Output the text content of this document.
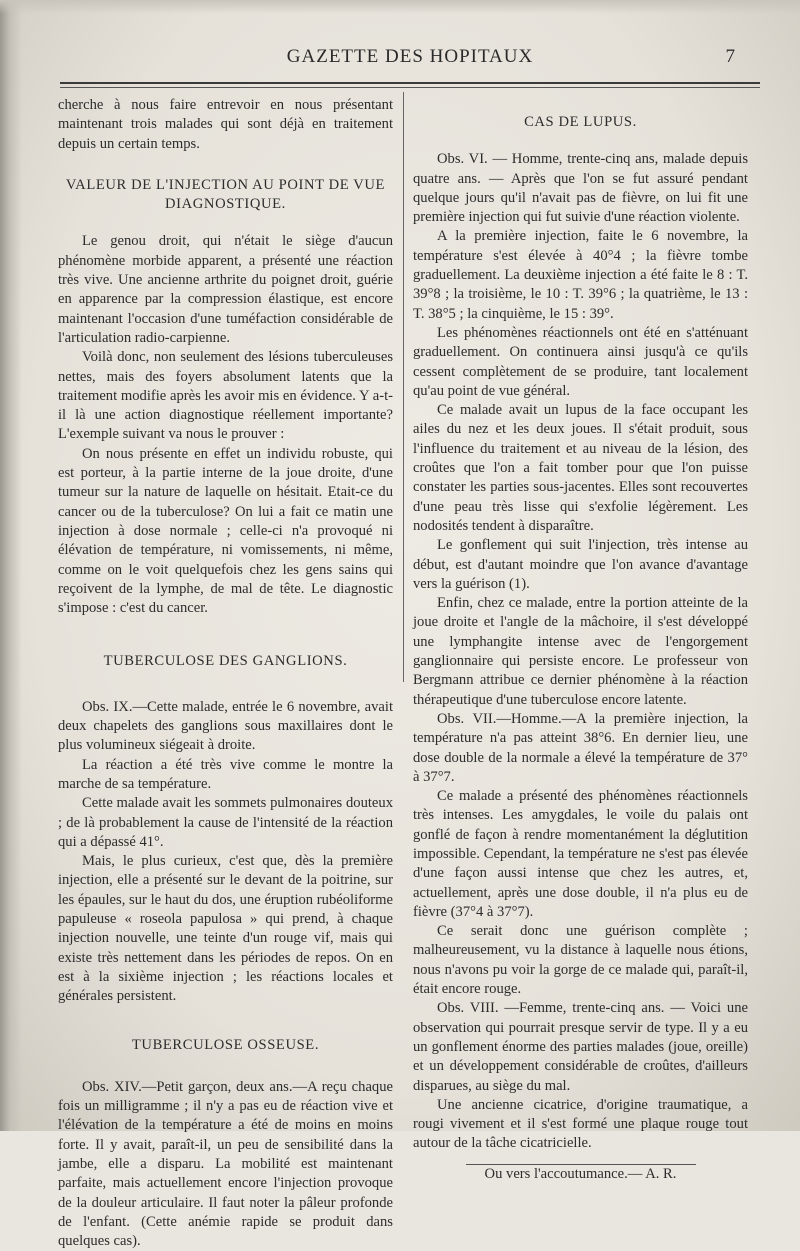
GAZETTE DES HOPITAUX	7

cherche à nous faire entrevoir en nous présentant maintenant trois malades qui sont déjà en traitement depuis un certain temps.

VALEUR DE L'INJECTION AU POINT DE VUE DIAGNOSTIQUE.

Le genou droit, qui n'était le siège d'aucun phénomène morbide apparent, a présenté une réaction très vive. Une ancienne arthrite du poignet droit, guérie en apparence par la compression élastique, est encore maintenant l'occasion d'une tuméfaction considérable de l'articulation radio-carpienne.

Voilà donc, non seulement des lésions tuberculeuses nettes, mais des foyers absolument latents que la traitement modifie après les avoir mis en évidence. Y a-t-il là une action diagnostique réellement importante? L'exemple suivant va nous le prouver :

On nous présente en effet un individu robuste, qui est porteur, à la partie interne de la joue droite, d'une tumeur sur la nature de laquelle on hésitait. Etait-ce du cancer ou de la tuberculose? On lui a fait ce matin une injection à dose normale ; celle-ci n'a provoqué ni élévation de température, ni vomissements, ni même, comme on le voit quelquefois chez les gens sains qui reçoivent de la lymphe, de mal de tête. Le diagnostic s'impose : c'est du cancer.

TUBERCULOSE DES GANGLIONS.

Obs. IX.—Cette malade, entrée le 6 novembre, avait deux chapelets des ganglions sous maxillaires dont le plus volumineux siégeait à droite.

La réaction a été très vive comme le montre la marche de sa température.

Cette malade avait les sommets pulmonaires douteux ; de là probablement la cause de l'intensité de la réaction qui a dépassé 41°.

Mais, le plus curieux, c'est que, dès la première injection, elle a présenté sur le devant de la poitrine, sur les épaules, sur le haut du dos, une éruption rubéoliforme papuleuse « roseola papulosa » qui prend, à chaque injection nouvelle, une teinte d'un rouge vif, mais qui existe très nettement dans les périodes de repos. On en est à la sixième injection ; les réactions locales et générales persistent.

TUBERCULOSE OSSEUSE.

Obs. XIV.—Petit garçon, deux ans.—A reçu chaque fois un milligramme ; il n'y a pas eu de réaction vive et l'élévation de la température a été de moins en moins forte. Il y avait, paraît-il, un peu de sensibilité dans la jambe, elle a disparu. La mobilité est maintenant parfaite, mais actuellement encore l'injection provoque de la douleur articulaire. Il faut noter la pâleur profonde de l'enfant. (Cette anémie rapide se produit dans quelques cas).

CAS DE LUPUS.

Obs. VI. — Homme, trente-cinq ans, malade depuis quatre ans. — Après que l'on se fut assuré pendant quelque jours qu'il n'avait pas de fièvre, on lui fit une première injection qui fut suivie d'une réaction violente.

A la première injection, faite le 6 novembre, la température s'est élevée à 40°4 ; la fièvre tombe graduellement. La deuxième injection a été faite le 8 : T. 39°8 ; la troisième, le 10 : T. 39°6 ; la quatrième, le 13 : T. 38°5 ; la cinquième, le 15 : 39°.

Les phénomènes réactionnels ont été en s'atténuant graduellement. On continuera ainsi jusqu'à ce qu'ils cessent complètement de se produire, tant localement qu'au point de vue général.

Ce malade avait un lupus de la face occupant les ailes du nez et les deux joues. Il s'était produit, sous l'influence du traitement et au niveau de la lésion, des croûtes que l'on a fait tomber pour que l'on puisse constater les parties sous-jacentes. Elles sont recouvertes d'une peau très lisse qui s'exfolie légèrement. Les nodosités tendent à disparaître.

Le gonflement qui suit l'injection, très intense au début, est d'autant moindre que l'on avance d'avantage vers la guérison (1).

Enfin, chez ce malade, entre la portion atteinte de la joue droite et l'angle de la mâchoire, il s'est développé une lymphangite intense avec de l'engorgement ganglionnaire qui persiste encore. Le professeur von Bergmann attribue ce dernier phénomène à la réaction thérapeutique d'une tuberculose encore latente.

Obs. VII.—Homme.—A la première injection, la température n'a pas atteint 38°6. En dernier lieu, une dose double de la normale a élevé la température de 37° à 37°7.

Ce malade a présenté des phénomènes réactionnels très intenses. Les amygdales, le voile du palais ont gonflé de façon à rendre momentanément la déglutition impossible. Cependant, la température ne s'est pas élevée d'une façon aussi intense que chez les autres, et, actuellement, après une dose double, il n'a plus eu de fièvre (37°4 à 37°7).

Ce serait donc une guérison complète ; malheureusement, vu la distance à laquelle nous étions, nous n'avons pu voir la gorge de ce malade qui, paraît-il, était encore rouge.

Obs. VIII. —Femme, trente-cinq ans. — Voici une observation qui pourrait presque servir de type. Il y a eu un gonflement énorme des parties malades (joue, oreille) et un développement considérable de croûtes, d'ailleurs disparues, au siège du mal.

Une ancienne cicatrice, d'origine traumatique, a rougi vivement et il s'est formé une plaque rouge tout autour de la tâche cicatricielle.

Ou vers l'accoutumance.— A. R.
